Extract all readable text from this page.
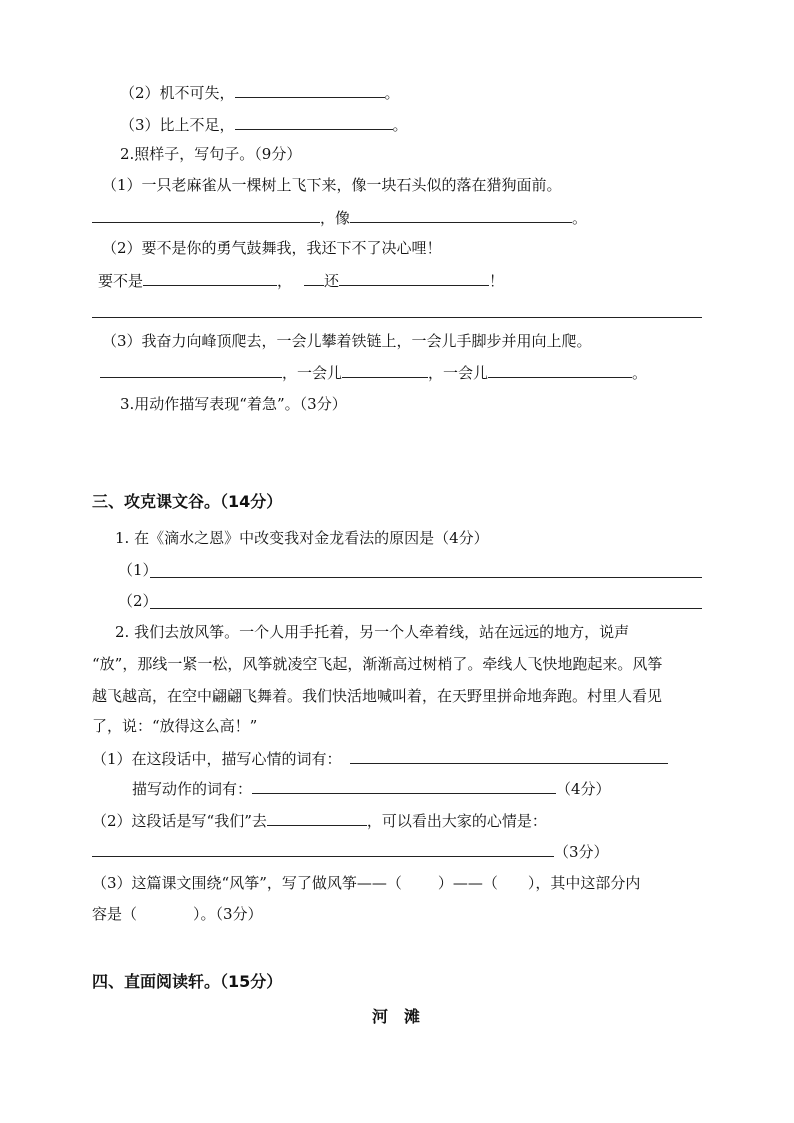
（2）机不可失，	。
（3）比上不足，	。
2.照样子，写句子。（9分）
（1）一只老麻雀从一棵树上飞下来，像一块石头似的落在猎狗面前。
，像	。
（2）要不是你的勇气鼓舞我，我还下不了决心哩！
要不是	， 还	！
（3）我奋力向峰顶爬去，一会儿攀着铁链上，一会儿手脚步并用向上爬。
，一会儿	，一会儿	。
3.用动作描写表现“着急”。（3分）
三、攻克课文谷。（14分）
1. 在《滴水之恩》中改变我对金龙看法的原因是（4分）
（1）
（2）
2. 我们去放风筝。一个人用手托着，另一个人牵着线，站在远远的地方，说声
“放”，那线一紧一松，风筝就凌空飞起，渐渐高过树梢了。牵线人飞快地跑起来。风筝
越飞越高，在空中翩翩飞舞着。我们快活地喊叫着，在天野里拼命地奔跑。村里人看见
了，说：“放得这么高！”
（1）在这段话中，描写心情的词有：
描写动作的词有：	（4分）
（2）这段话是写“我们”去	，可以看出大家的心情是：
（3分）
（3）这篇课文围绕“风筝”，写了做风筝——（ ）——（ ），其中这部分内
容是（	）。（3分）
四、直面阅读轩。（15分）
河滩
